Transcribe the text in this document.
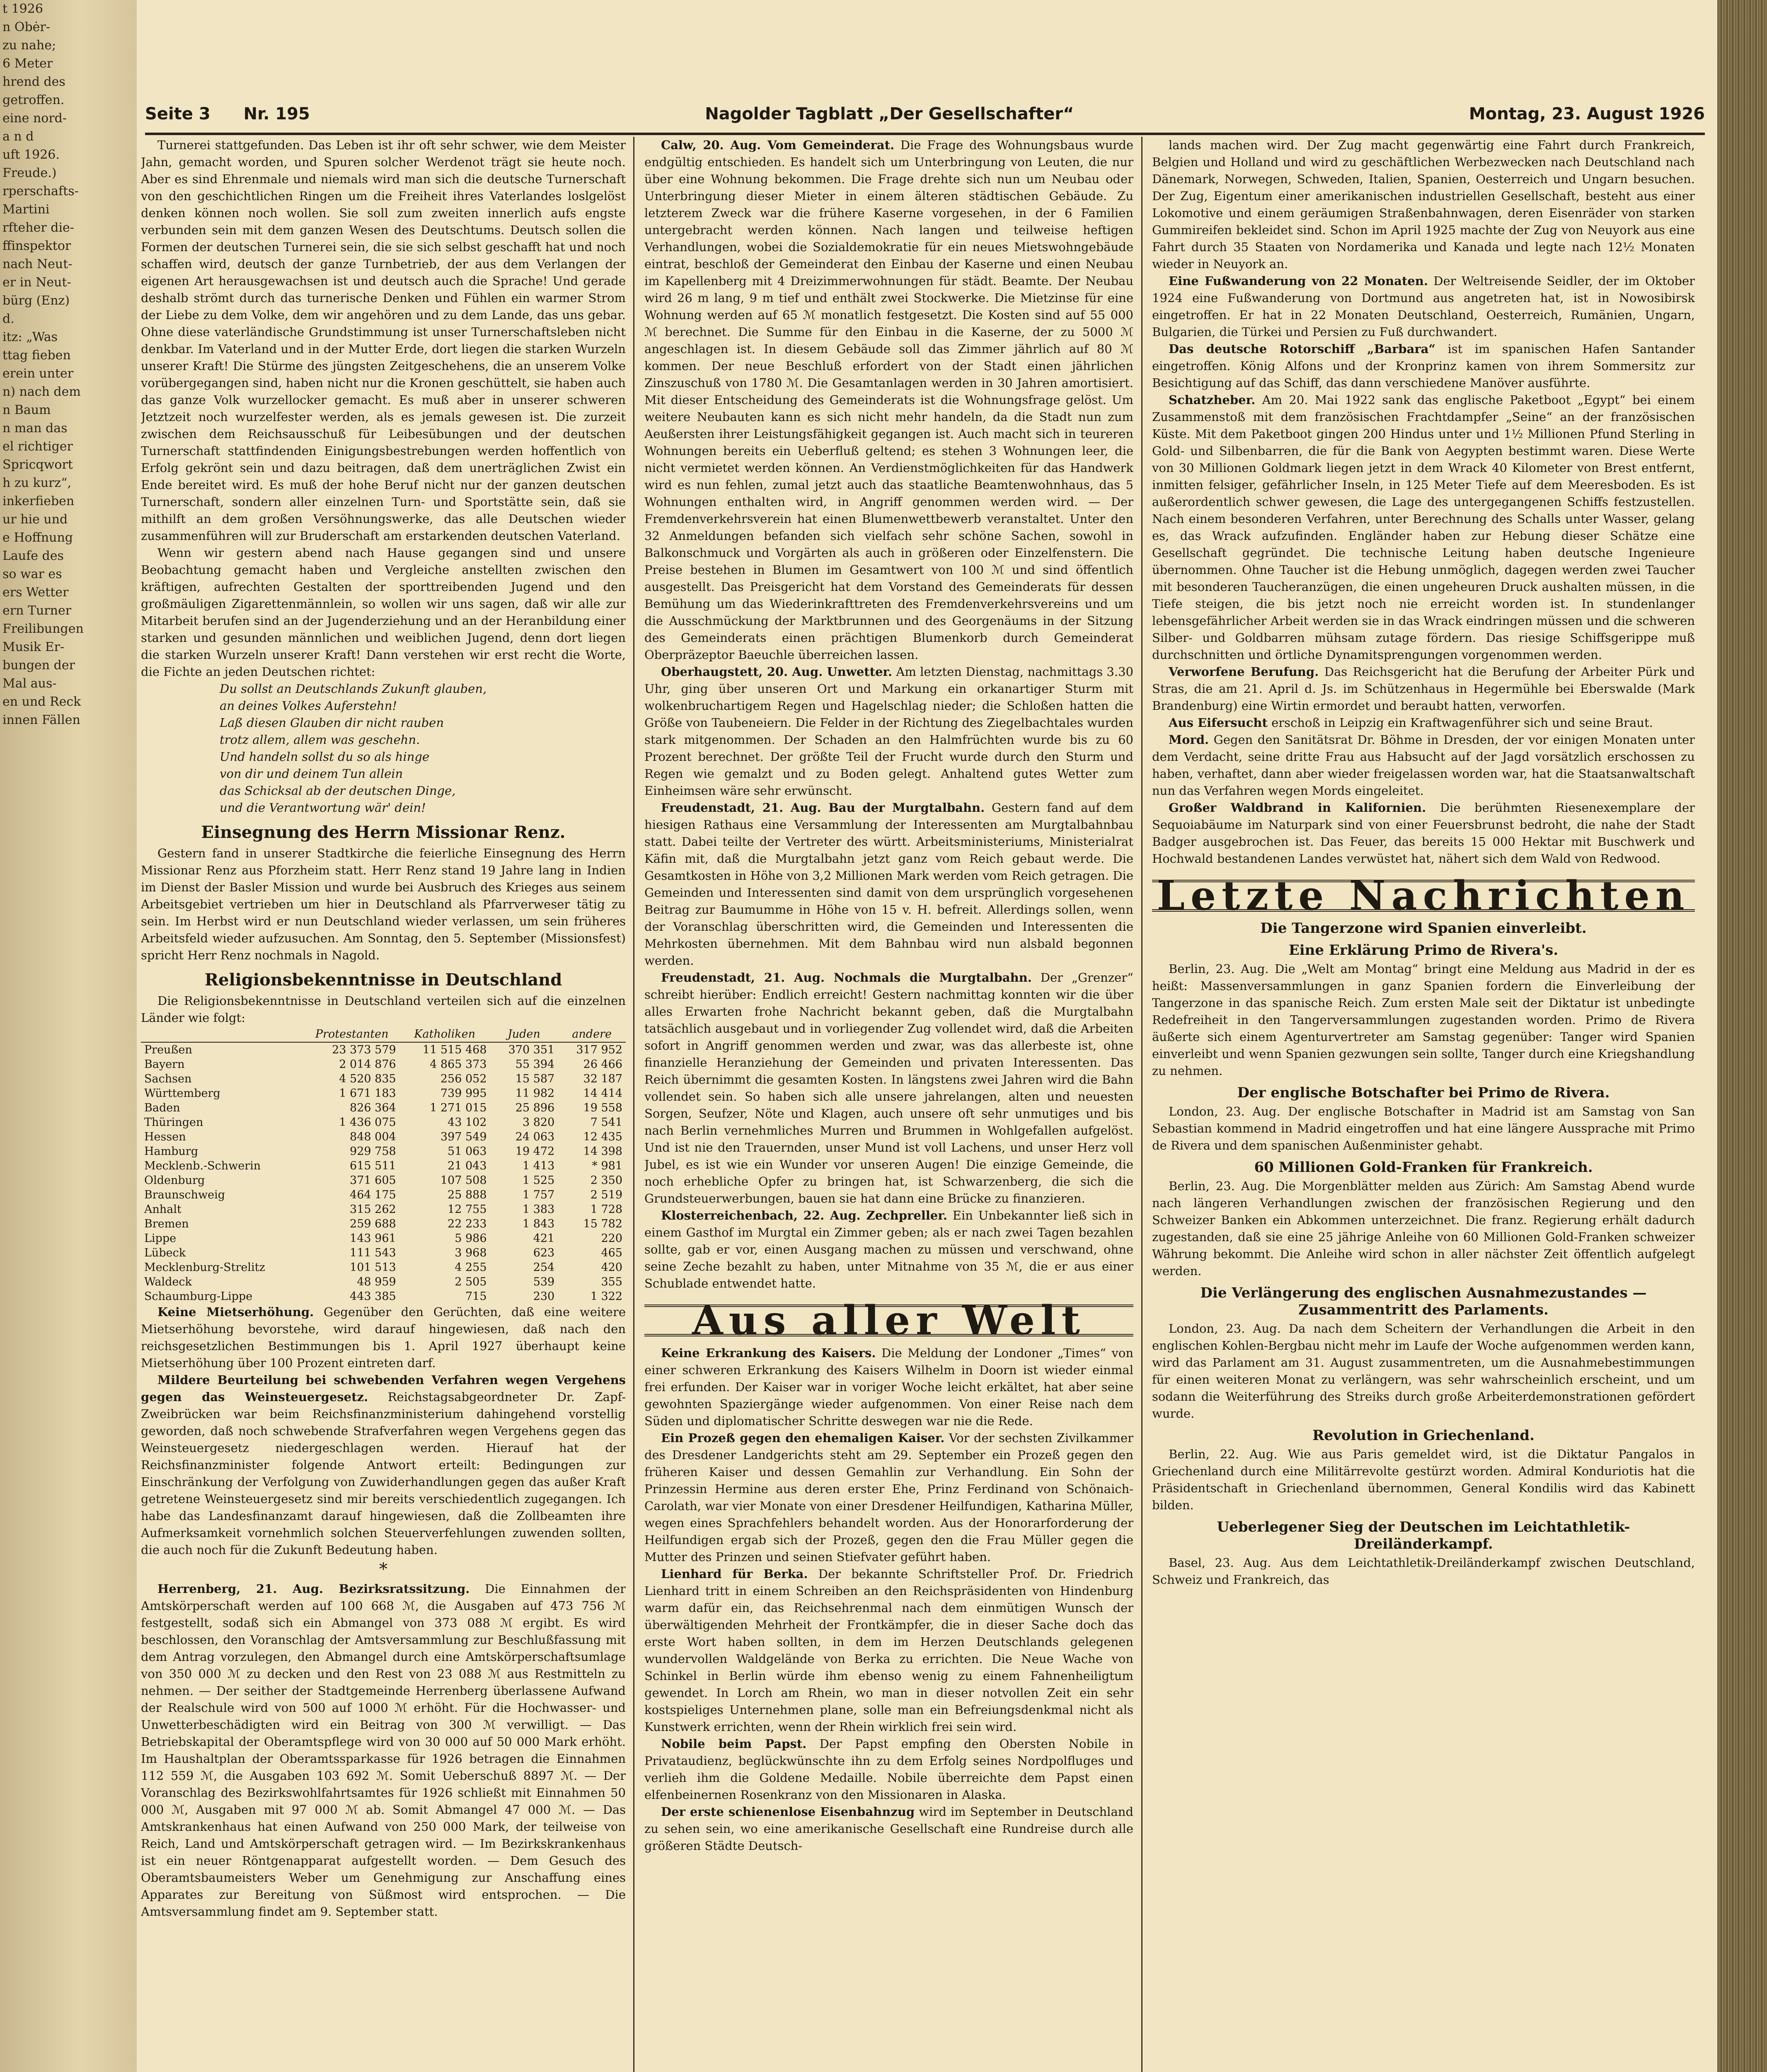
t 1926
n Obėr-
zu nahe;
6 Meter
hrend des
getroffen.
eine nord-
a n d
uft 1926.
Freude.)
rperschafts-
Martini
rfteher die-
ffinspektor
nach Neut-
er in Neut-
bürg (Enz)
d.
itz: „Was
ttag fieben
erein unter
n) nach dem
n Baum
n man das
el richtiger
Spricqwort
h zu kurz“,
inkerfieben
ur hie und
e Hoffnung
Laufe des
so war es
ers Wetter
ern Turner
Freilibungen
Musik Er-
bungen der
Mal aus-
en und Reck
innen Fällen
Seite 3 Nr. 195	Nagolder Tagblatt „Der Gesellschafter“	Montag, 23. August 1926

Turnerei stattgefunden. Das Leben ist ihr oft sehr schwer, wie dem Meister Jahn, gemacht worden, und Spuren solcher Werdenot trägt sie heute noch. Aber es sind Ehrenmale und niemals wird man sich die deutsche Turnerschaft von den geschichtlichen Ringen um die Freiheit ihres Vaterlandes loslgelöst denken können noch wollen. Sie soll zum zweiten innerlich aufs engste verbunden sein mit dem ganzen Wesen des Deutschtums. Deutsch sollen die Formen der deutschen Turnerei sein, die sie sich selbst geschafft hat und noch schaffen wird, deutsch der ganze Turnbetrieb, der aus dem Verlangen der eigenen Art herausgewachsen ist und deutsch auch die Sprache! Und gerade deshalb strömt durch das turnerische Denken und Fühlen ein warmer Strom der Liebe zu dem Volke, dem wir angehören und zu dem Lande, das uns gebar. Ohne diese vaterländische Grundstimmung ist unser Turnerschaftsleben nicht denkbar. Im Vaterland und in der Mutter Erde, dort liegen die starken Wurzeln unserer Kraft! Die Stürme des jüngsten Zeitgeschehens, die an unserem Volke vorübergegangen sind, haben nicht nur die Kronen geschüttelt, sie haben auch das ganze Volk wurzellocker gemacht. Es muß aber in unserer schweren Jetztzeit noch wurzelfester werden, als es jemals gewesen ist. Die zurzeit zwischen dem Reichsausschuß für Leibesübungen und der deutschen Turnerschaft stattfindenden Einigungsbestrebungen werden hoffentlich von Erfolg gekrönt sein und dazu beitragen, daß dem unerträglichen Zwist ein Ende bereitet wird. Es muß der hohe Beruf nicht nur der ganzen deutschen Turnerschaft, sondern aller einzelnen Turn- und Sportstätte sein, daß sie mithilft an dem großen Versöhnungswerke, das alle Deutschen wieder zusammenführen will zur Bruderschaft am erstarkenden deutschen Vaterland.

Wenn wir gestern abend nach Hause gegangen sind und unsere Beobachtung gemacht haben und Vergleiche anstellten zwischen den kräftigen, aufrechten Gestalten der sporttreibenden Jugend und den großmäuligen Zigarettenmännlein, so wollen wir uns sagen, daß wir alle zur Mitarbeit berufen sind an der Jugenderziehung und an der Heranbildung einer starken und gesunden männlichen und weiblichen Jugend, denn dort liegen die starken Wurzeln unserer Kraft! Dann verstehen wir erst recht die Worte, die Fichte an jeden Deutschen richtet:

Du sollst an Deutschlands Zukunft glauben,

an deines Volkes Auferstehn!

Laß diesen Glauben dir nicht rauben

trotz allem, allem was geschehn.

Und handeln sollst du so als hinge

von dir und deinem Tun allein

das Schicksal ab der deutschen Dinge,

und die Verantwortung wär' dein!

Einsegnung des Herrn Missionar Renz.

Gestern fand in unserer Stadtkirche die feierliche Einsegnung des Herrn Missionar Renz aus Pforzheim statt. Herr Renz stand 19 Jahre lang in Indien im Dienst der Basler Mission und wurde bei Ausbruch des Krieges aus seinem Arbeitsgebiet vertrieben um hier in Deutschland als Pfarrverweser tätig zu sein. Im Herbst wird er nun Deutschland wieder verlassen, um sein früheres Arbeitsfeld wieder aufzusuchen. Am Sonntag, den 5. September (Missionsfest) spricht Herr Renz nochmals in Nagold.

Religionsbekenntnisse in Deutschland

Die Religionsbekenntnisse in Deutschland verteilen sich auf die einzelnen Länder wie folgt:

	Protestanten	Katholiken	Juden	andere
Preußen	23 373 579	11 515 468	370 351	317 952
Bayern	2 014 876	4 865 373	55 394	26 466
Sachsen	4 520 835	256 052	15 587	32 187
Württemberg	1 671 183	739 995	11 982	14 414
Baden	826 364	1 271 015	25 896	19 558
Thüringen	1 436 075	43 102	3 820	7 541
Hessen	848 004	397 549	24 063	12 435
Hamburg	929 758	51 063	19 472	14 398
Mecklenb.-Schwerin	615 511	21 043	1 413	* 981
Oldenburg	371 605	107 508	1 525	2 350
Braunschweig	464 175	25 888	1 757	2 519
Anhalt	315 262	12 755	1 383	1 728
Bremen	259 688	22 233	1 843	15 782
Lippe	143 961	5 986	421	220
Lübeck	111 543	3 968	623	465
Mecklenburg-Strelitz	101 513	4 255	254	420
Waldeck	48 959	2 505	539	355
Schaumburg-Lippe	443 385	715	230	1 322

Keine Mietserhöhung. Gegenüber den Gerüchten, daß eine weitere Mietserhöhung bevorstehe, wird darauf hingewiesen, daß nach den reichsgesetzlichen Bestimmungen bis 1. April 1927 überhaupt keine Mietserhöhung über 100 Prozent eintreten darf.

Mildere Beurteilung bei schwebenden Verfahren wegen Vergehens gegen das Weinsteuergesetz. Reichstagsabgeordneter Dr. Zapf-Zweibrücken war beim Reichsfinanzministerium dahingehend vorstellig geworden, daß noch schwebende Strafverfahren wegen Vergehens gegen das Weinsteuergesetz niedergeschlagen werden. Hierauf hat der Reichsfinanzminister folgende Antwort erteilt: Bedingungen zur Einschränkung der Verfolgung von Zuwiderhandlungen gegen das außer Kraft getretene Weinsteuergesetz sind mir bereits verschiedentlich zugegangen. Ich habe das Landesfinanzamt darauf hingewiesen, daß die Zollbeamten ihre Aufmerksamkeit vornehmlich solchen Steuerverfehlungen zuwenden sollten, die auch noch für die Zukunft Bedeutung haben.

*

Herrenberg, 21. Aug. Bezirksratssitzung. Die Einnahmen der Amtskörperschaft werden auf 100 668 ℳ, die Ausgaben auf 473 756 ℳ festgestellt, sodaß sich ein Abmangel von 373 088 ℳ ergibt. Es wird beschlossen, den Voranschlag der Amtsversammlung zur Beschlußfassung mit dem Antrag vorzulegen, den Abmangel durch eine Amtskörperschaftsumlage von 350 000 ℳ zu decken und den Rest von 23 088 ℳ aus Restmitteln zu nehmen. — Der seither der Stadtgemeinde Herrenberg überlassene Aufwand der Realschule wird von 500 auf 1000 ℳ erhöht. Für die Hochwasser- und Unwetterbeschädigten wird ein Beitrag von 300 ℳ verwilligt. — Das Betriebskapital der Oberamtspflege wird von 30 000 auf 50 000 Mark erhöht. Im Haushaltplan der Oberamtssparkasse für 1926 betragen die Einnahmen 112 559 ℳ, die Ausgaben 103 692 ℳ. Somit Ueberschuß 8897 ℳ. — Der Voranschlag des Bezirkswohlfahrtsamtes für 1926 schließt mit Einnahmen 50 000 ℳ, Ausgaben mit 97 000 ℳ ab. Somit Abmangel 47 000 ℳ. — Das Amtskrankenhaus hat einen Aufwand von 250 000 Mark, der teilweise von Reich, Land und Amtskörperschaft getragen wird. — Im Bezirkskrankenhaus ist ein neuer Röntgenapparat aufgestellt worden. — Dem Gesuch des Oberamtsbaumeisters Weber um Genehmigung zur Anschaffung eines Apparates zur Bereitung von Süßmost wird entsprochen. — Die Amtsversammlung findet am 9. September statt.

Calw, 20. Aug. Vom Gemeinderat. Die Frage des Wohnungsbaus wurde endgültig entschieden. Es handelt sich um Unterbringung von Leuten, die nur über eine Wohnung bekommen. Die Frage drehte sich nun um Neubau oder Unterbringung dieser Mieter in einem älteren städtischen Gebäude. Zu letzterem Zweck war die frühere Kaserne vorgesehen, in der 6 Familien untergebracht werden können. Nach langen und teilweise heftigen Verhandlungen, wobei die Sozialdemokratie für ein neues Mietswohngebäude eintrat, beschloß der Gemeinderat den Einbau der Kaserne und einen Neubau im Kapellenberg mit 4 Dreizimmerwohnungen für städt. Beamte. Der Neubau wird 26 m lang, 9 m tief und enthält zwei Stockwerke. Die Mietzinse für eine Wohnung werden auf 65 ℳ monatlich festgesetzt. Die Kosten sind auf 55 000 ℳ berechnet. Die Summe für den Einbau in die Kaserne, der zu 5000 ℳ angeschlagen ist. In diesem Gebäude soll das Zimmer jährlich auf 80 ℳ kommen. Der neue Beschluß erfordert von der Stadt einen jährlichen Zinszuschuß von 1780 ℳ. Die Gesamtanlagen werden in 30 Jahren amortisiert. Mit dieser Entscheidung des Gemeinderats ist die Wohnungsfrage gelöst. Um weitere Neubauten kann es sich nicht mehr handeln, da die Stadt nun zum Aeußersten ihrer Leistungsfähigkeit gegangen ist. Auch macht sich in teureren Wohnungen bereits ein Ueberfluß geltend; es stehen 3 Wohnungen leer, die nicht vermietet werden können. An Verdienstmöglichkeiten für das Handwerk wird es nun fehlen, zumal jetzt auch das staatliche Beamtenwohnhaus, das 5 Wohnungen enthalten wird, in Angriff genommen werden wird. — Der Fremdenverkehrsverein hat einen Blumenwettbewerb veranstaltet. Unter den 32 Anmeldungen befanden sich vielfach sehr schöne Sachen, sowohl in Balkonschmuck und Vorgärten als auch in größeren oder Einzelfenstern. Die Preise bestehen in Blumen im Gesamtwert von 100 ℳ und sind öffentlich ausgestellt. Das Preisgericht hat dem Vorstand des Gemeinderats für dessen Bemühung um das Wiederinkrafttreten des Fremdenverkehrsvereins und um die Ausschmückung der Marktbrunnen und des Georgenäums in der Sitzung des Gemeinderats einen prächtigen Blumenkorb durch Gemeinderat Oberpräzeptor Baeuchle überreichen lassen.

Oberhaugstett, 20. Aug. Unwetter. Am letzten Dienstag, nachmittags 3.30 Uhr, ging über unseren Ort und Markung ein orkanartiger Sturm mit wolkenbruchartigem Regen und Hagelschlag nieder; die Schloßen hatten die Größe von Taubeneiern. Die Felder in der Richtung des Ziegelbachtales wurden stark mitgenommen. Der Schaden an den Halmfrüchten wurde bis zu 60 Prozent berechnet. Der größte Teil der Frucht wurde durch den Sturm und Regen wie gemalzt und zu Boden gelegt. Anhaltend gutes Wetter zum Einheimsen wäre sehr erwünscht.

Freudenstadt, 21. Aug. Bau der Murgtalbahn. Gestern fand auf dem hiesigen Rathaus eine Versammlung der Interessenten am Murgtalbahnbau statt. Dabei teilte der Vertreter des württ. Arbeitsministeriums, Ministerialrat Käfin mit, daß die Murgtalbahn jetzt ganz vom Reich gebaut werde. Die Gesamtkosten in Höhe von 3,2 Millionen Mark werden vom Reich getragen. Die Gemeinden und Interessenten sind damit von dem ursprünglich vorgesehenen Beitrag zur Baumumme in Höhe von 15 v. H. befreit. Allerdings sollen, wenn der Voranschlag überschritten wird, die Gemeinden und Interessenten die Mehrkosten übernehmen. Mit dem Bahnbau wird nun alsbald begonnen werden.

Freudenstadt, 21. Aug. Nochmals die Murgtalbahn. Der „Grenzer“ schreibt hierüber: Endlich erreicht! Gestern nachmittag konnten wir die über alles Erwarten frohe Nachricht bekannt geben, daß die Murgtalbahn tatsächlich ausgebaut und in vorliegender Zug vollendet wird, daß die Arbeiten sofort in Angriff genommen werden und zwar, was das allerbeste ist, ohne finanzielle Heranziehung der Gemeinden und privaten Interessenten. Das Reich übernimmt die gesamten Kosten. In längstens zwei Jahren wird die Bahn vollendet sein. So haben sich alle unsere jahrelangen, alten und neuesten Sorgen, Seufzer, Nöte und Klagen, auch unsere oft sehr unmutiges und bis nach Berlin vernehmliches Murren und Brummen in Wohlgefallen aufgelöst. Und ist nie den Trauernden, unser Mund ist voll Lachens, und unser Herz voll Jubel, es ist wie ein Wunder vor unseren Augen! Die einzige Gemeinde, die noch erhebliche Opfer zu bringen hat, ist Schwarzenberg, die sich die Grundsteuerwerbungen, bauen sie hat dann eine Brücke zu finanzieren.

Klosterreichenbach, 22. Aug. Zechpreller. Ein Unbekannter ließ sich in einem Gasthof im Murgtal ein Zimmer geben; als er nach zwei Tagen bezahlen sollte, gab er vor, einen Ausgang machen zu müssen und verschwand, ohne seine Zeche bezahlt zu haben, unter Mitnahme von 35 ℳ, die er aus einer Schublade entwendet hatte.

Aus aller Welt

Keine Erkrankung des Kaisers. Die Meldung der Londoner „Times“ von einer schweren Erkrankung des Kaisers Wilhelm in Doorn ist wieder einmal frei erfunden. Der Kaiser war in voriger Woche leicht erkältet, hat aber seine gewohnten Spaziergänge wieder aufgenommen. Von einer Reise nach dem Süden und diplomatischer Schritte deswegen war nie die Rede.

Ein Prozeß gegen den ehemaligen Kaiser. Vor der sechsten Zivilkammer des Dresdener Landgerichts steht am 29. September ein Prozeß gegen den früheren Kaiser und dessen Gemahlin zur Verhandlung. Ein Sohn der Prinzessin Hermine aus deren erster Ehe, Prinz Ferdinand von Schönaich-Carolath, war vier Monate von einer Dresdener Heilfundigen, Katharina Müller, wegen eines Sprachfehlers behandelt worden. Aus der Honorarforderung der Heilfundigen ergab sich der Prozeß, gegen den die Frau Müller gegen die Mutter des Prinzen und seinen Stiefvater geführt haben.

Lienhard für Berka. Der bekannte Schriftsteller Prof. Dr. Friedrich Lienhard tritt in einem Schreiben an den Reichspräsidenten von Hindenburg warm dafür ein, das Reichsehrenmal nach dem einmütigen Wunsch der überwältigenden Mehrheit der Frontkämpfer, die in dieser Sache doch das erste Wort haben sollten, in dem im Herzen Deutschlands gelegenen wundervollen Waldgelände von Berka zu errichten. Die Neue Wache von Schinkel in Berlin würde ihm ebenso wenig zu einem Fahnenheiligtum gewendet. In Lorch am Rhein, wo man in dieser notvollen Zeit ein sehr kostspieliges Unternehmen plane, solle man ein Befreiungsdenkmal nicht als Kunstwerk errichten, wenn der Rhein wirklich frei sein wird.

Nobile beim Papst. Der Papst empfing den Obersten Nobile in Privataudienz, beglückwünschte ihn zu dem Erfolg seines Nordpolfluges und verlieh ihm die Goldene Medaille. Nobile überreichte dem Papst einen elfenbeinernen Rosenkranz von den Missionaren in Alaska.

Der erste schienenlose Eisenbahnzug wird im September in Deutschland zu sehen sein, wo eine amerikanische Gesellschaft eine Rundreise durch alle größeren Städte Deutsch-

lands machen wird. Der Zug macht gegenwärtig eine Fahrt durch Frankreich, Belgien und Holland und wird zu geschäftlichen Werbezwecken nach Deutschland nach Dänemark, Norwegen, Schweden, Italien, Spanien, Oesterreich und Ungarn besuchen. Der Zug, Eigentum einer amerikanischen industriellen Gesellschaft, besteht aus einer Lokomotive und einem geräumigen Straßenbahnwagen, deren Eisenräder von starken Gummireifen bekleidet sind. Schon im April 1925 machte der Zug von Neuyork aus eine Fahrt durch 35 Staaten von Nordamerika und Kanada und legte nach 12½ Monaten wieder in Neuyork an.

Eine Fußwanderung von 22 Monaten. Der Weltreisende Seidler, der im Oktober 1924 eine Fußwanderung von Dortmund aus angetreten hat, ist in Nowosibirsk eingetroffen. Er hat in 22 Monaten Deutschland, Oesterreich, Rumänien, Ungarn, Bulgarien, die Türkei und Persien zu Fuß durchwandert.

Das deutsche Rotorschiff „Barbara“ ist im spanischen Hafen Santander eingetroffen. König Alfons und der Kronprinz kamen von ihrem Sommersitz zur Besichtigung auf das Schiff, das dann verschiedene Manöver ausführte.

Schatzheber. Am 20. Mai 1922 sank das englische Paketboot „Egypt“ bei einem Zusammenstoß mit dem französischen Frachtdampfer „Seine“ an der französischen Küste. Mit dem Paketboot gingen 200 Hindus unter und 1½ Millionen Pfund Sterling in Gold- und Silbenbarren, die für die Bank von Aegypten bestimmt waren. Diese Werte von 30 Millionen Goldmark liegen jetzt in dem Wrack 40 Kilometer von Brest entfernt, inmitten felsiger, gefährlicher Inseln, in 125 Meter Tiefe auf dem Meeresboden. Es ist außerordentlich schwer gewesen, die Lage des untergegangenen Schiffs festzustellen. Nach einem besonderen Verfahren, unter Berechnung des Schalls unter Wasser, gelang es, das Wrack aufzufinden. Engländer haben zur Hebung dieser Schätze eine Gesellschaft gegründet. Die technische Leitung haben deutsche Ingenieure übernommen. Ohne Taucher ist die Hebung unmöglich, dagegen werden zwei Taucher mit besonderen Taucheranzügen, die einen ungeheuren Druck aushalten müssen, in die Tiefe steigen, die bis jetzt noch nie erreicht worden ist. In stundenlanger lebensgefährlicher Arbeit werden sie in das Wrack eindringen müssen und die schweren Silber- und Goldbarren mühsam zutage fördern. Das riesige Schiffsgerippe muß durchschnitten und örtliche Dynamitsprengungen vorgenommen werden.

Verworfene Berufung. Das Reichsgericht hat die Berufung der Arbeiter Pürk und Stras, die am 21. April d. Js. im Schützenhaus in Hegermühle bei Eberswalde (Mark Brandenburg) eine Wirtin ermordet und beraubt hatten, verworfen.

Aus Eifersucht erschoß in Leipzig ein Kraftwagenführer sich und seine Braut.

Mord. Gegen den Sanitätsrat Dr. Böhme in Dresden, der vor einigen Monaten unter dem Verdacht, seine dritte Frau aus Habsucht auf der Jagd vorsätzlich erschossen zu haben, verhaftet, dann aber wieder freigelassen worden war, hat die Staatsanwaltschaft nun das Verfahren wegen Mords eingeleitet.

Großer Waldbrand in Kalifornien. Die berühmten Riesenexemplare der Sequoiabäume im Naturpark sind von einer Feuersbrunst bedroht, die nahe der Stadt Badger ausgebrochen ist. Das Feuer, das bereits 15 000 Hektar mit Buschwerk und Hochwald bestandenen Landes verwüstet hat, nähert sich dem Wald von Redwood.

Letzte Nachrichten
Die Tangerzone wird Spanien einverleibt.
Eine Erklärung Primo de Rivera's.

Berlin, 23. Aug. Die „Welt am Montag“ bringt eine Meldung aus Madrid in der es heißt: Massenversammlungen in ganz Spanien fordern die Einverleibung der Tangerzone in das spanische Reich. Zum ersten Male seit der Diktatur ist unbedingte Redefreiheit in den Tangerversammlungen zugestanden worden. Primo de Rivera äußerte sich einem Agenturvertreter am Samstag gegenüber: Tanger wird Spanien einverleibt und wenn Spanien gezwungen sein sollte, Tanger durch eine Kriegshandlung zu nehmen.

Der englische Botschafter bei Primo de Rivera.

London, 23. Aug. Der englische Botschafter in Madrid ist am Samstag von San Sebastian kommend in Madrid eingetroffen und hat eine längere Aussprache mit Primo de Rivera und dem spanischen Außenminister gehabt.

60 Millionen Gold-Franken für Frankreich.

Berlin, 23. Aug. Die Morgenblätter melden aus Zürich: Am Samstag Abend wurde nach längeren Verhandlungen zwischen der französischen Regierung und den Schweizer Banken ein Abkommen unterzeichnet. Die franz. Regierung erhält dadurch zugestanden, daß sie eine 25 jährige Anleihe von 60 Millionen Gold-Franken schweizer Währung bekommt. Die Anleihe wird schon in aller nächster Zeit öffentlich aufgelegt werden.

Die Verlängerung des englischen Ausnahmezustandes — Zusammentritt des Parlaments.

London, 23. Aug. Da nach dem Scheitern der Verhandlungen die Arbeit in den englischen Kohlen-Bergbau nicht mehr im Laufe der Woche aufgenommen werden kann, wird das Parlament am 31. August zusammentreten, um die Ausnahmebestimmungen für einen weiteren Monat zu verlängern, was sehr wahrscheinlich erscheint, und um sodann die Weiterführung des Streiks durch große Arbeiterdemonstrationen gefördert wurde.

Revolution in Griechenland.

Berlin, 22. Aug. Wie aus Paris gemeldet wird, ist die Diktatur Pangalos in Griechenland durch eine Militärrevolte gestürzt worden. Admiral Konduriotis hat die Präsidentschaft in Griechenland übernommen, General Kondilis wird das Kabinett bilden.

Ueberlegener Sieg der Deutschen im Leichtathletik-Dreiländerkampf.

Basel, 23. Aug. Aus dem Leichtathletik-Dreiländerkampf zwischen Deutschland, Schweiz und Frankreich, das
